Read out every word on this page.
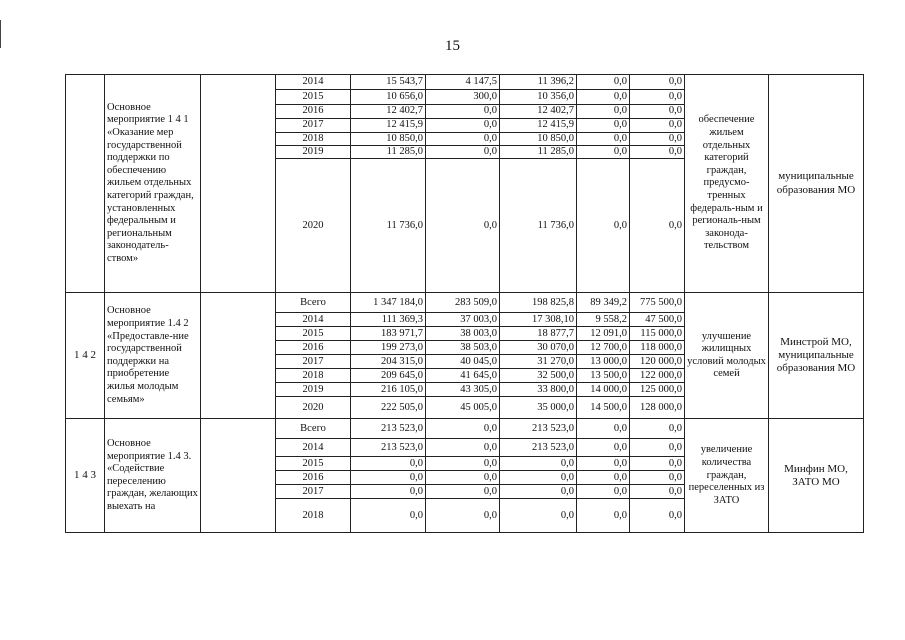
15
	Основное мероприятие 1 4 1 «Оказание мер государственной поддержки по обеспечению жильем отдельных категорий граждан, установленных федеральным и региональным законодатель-ством»		2014	15 543,7	4 147,5	11 396,2	0,0	0,0	обеспечение жильем отдельных категорий граждан, предусмо-тренных федераль-ным и региональ-ным законода-тельством	муниципальные образования МО
			2015	10 656,0	300,0	10 356,0	0,0	0,0		
			2016	12 402,7	0,0	12 402,7	0,0	0,0		
			2017	12 415,9	0,0	12 415,9	0,0	0,0		
			2018	10 850,0	0,0	10 850,0	0,0	0,0		
			2019	11 285,0	0,0	11 285,0	0,0	0,0		
			2020	11 736,0	0,0	11 736,0	0,0	0,0		
1 4 2	Основное мероприятие 1.4 2 «Предоставле-ние государственной поддержки на приобретение жилья молодым семьям»		Всего	1 347 184,0	283 509,0	198 825,8	89 349,2	775 500,0	улучшение жилищных условий молодых семей	Минстрой МО, муниципальные образования МО
			2014	111 369,3	37 003,0	17 308,10	9 558,2	47 500,0		
			2015	183 971,7	38 003,0	18 877,7	12 091,0	115 000,0		
			2016	199 273,0	38 503,0	30 070,0	12 700,0	118 000,0		
			2017	204 315,0	40 045,0	31 270,0	13 000,0	120 000,0		
			2018	209 645,0	41 645,0	32 500,0	13 500,0	122 000,0		
			2019	216 105,0	43 305,0	33 800,0	14 000,0	125 000,0		
			2020	222 505,0	45 005,0	35 000,0	14 500,0	128 000,0		
1 4 3	Основное мероприятие 1.4 3. «Содействие переселению граждан, желающих выехать на		Всего	213 523,0	0,0	213 523,0	0,0	0,0	увеличение количества граждан, переселенных из ЗАТО	Минфин МО, ЗАТО МО
			2014	213 523,0	0,0	213 523,0	0,0	0,0		
			2015	0,0	0,0	0,0	0,0	0,0		
			2016	0,0	0,0	0,0	0,0	0,0		
			2017	0,0	0,0	0,0	0,0	0,0		
			2018	0,0	0,0	0,0	0,0	0,0		
